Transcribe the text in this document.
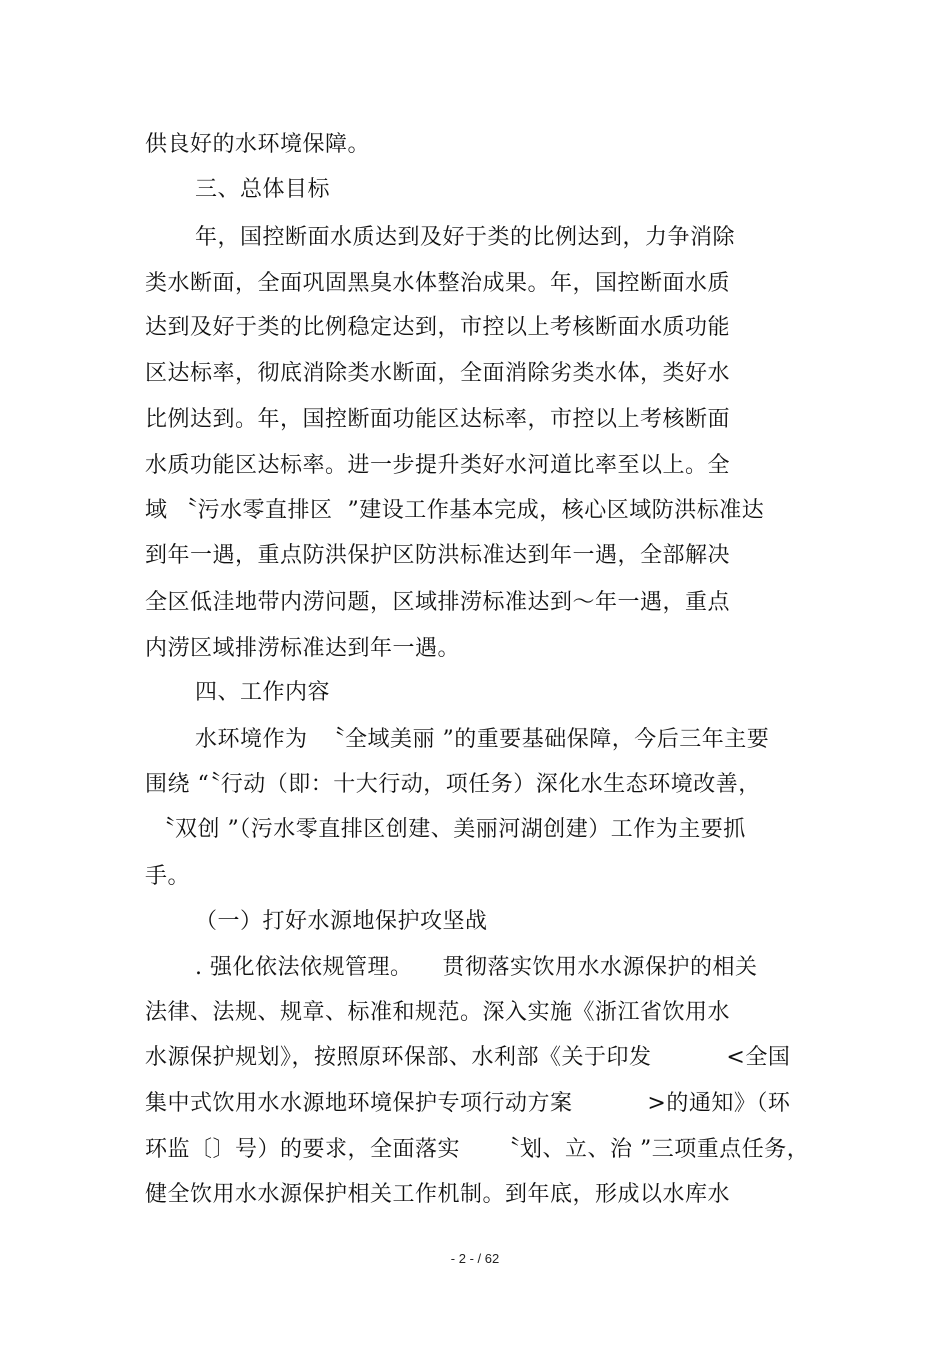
供良好的水环境保障。
三、总体目标
年，国控断面水质达到及好于类的比例达到，力争消除
类水断面，全面巩固黑臭水体整治成果。年，国控断面水质
达到及好于类的比例稳定达到，市控以上考核断面水质功能
区达标率，彻底消除类水断面，全面消除劣类水体，类好水
比例达到。年，国控断面功能区达标率，市控以上考核断面
水质功能区达标率。进一步提升类好水河道比率至以上。全
域 〝污水零直排区  ”建设工作基本完成，核心区域防洪标准达
到年一遇，重点防洪保护区防洪标准达到年一遇，全部解决
全区低洼地带内涝问题，区域排涝标准达到～年一遇，重点
内涝区域排涝标准达到年一遇。
四、工作内容
水环境作为  〝全域美丽 ”的重要基础保障，今后三年主要
围绕 “〝行动（即：十大行动，项任务）深化水生态环境改善，
〝双创 ”（污水零直排区创建、美丽河湖创建）工作为主要抓
手。
（一）打好水源地保护攻坚战
. 强化依法依规管理。    贯彻落实饮用水水源保护的相关
法律、法规、规章、标准和规范。深入实施《浙江省饮用水
水源保护规划》，按照原环保部、水利部《关于印发          <全国
集中式饮用水水源地环境保护专项行动方案          >的通知》（环
环监〔〕号）的要求，全面落实     〝划、立、治 ”三项重点任务，
健全饮用水水源保护相关工作机制。到年底，形成以水库水
- 2 - / 62
